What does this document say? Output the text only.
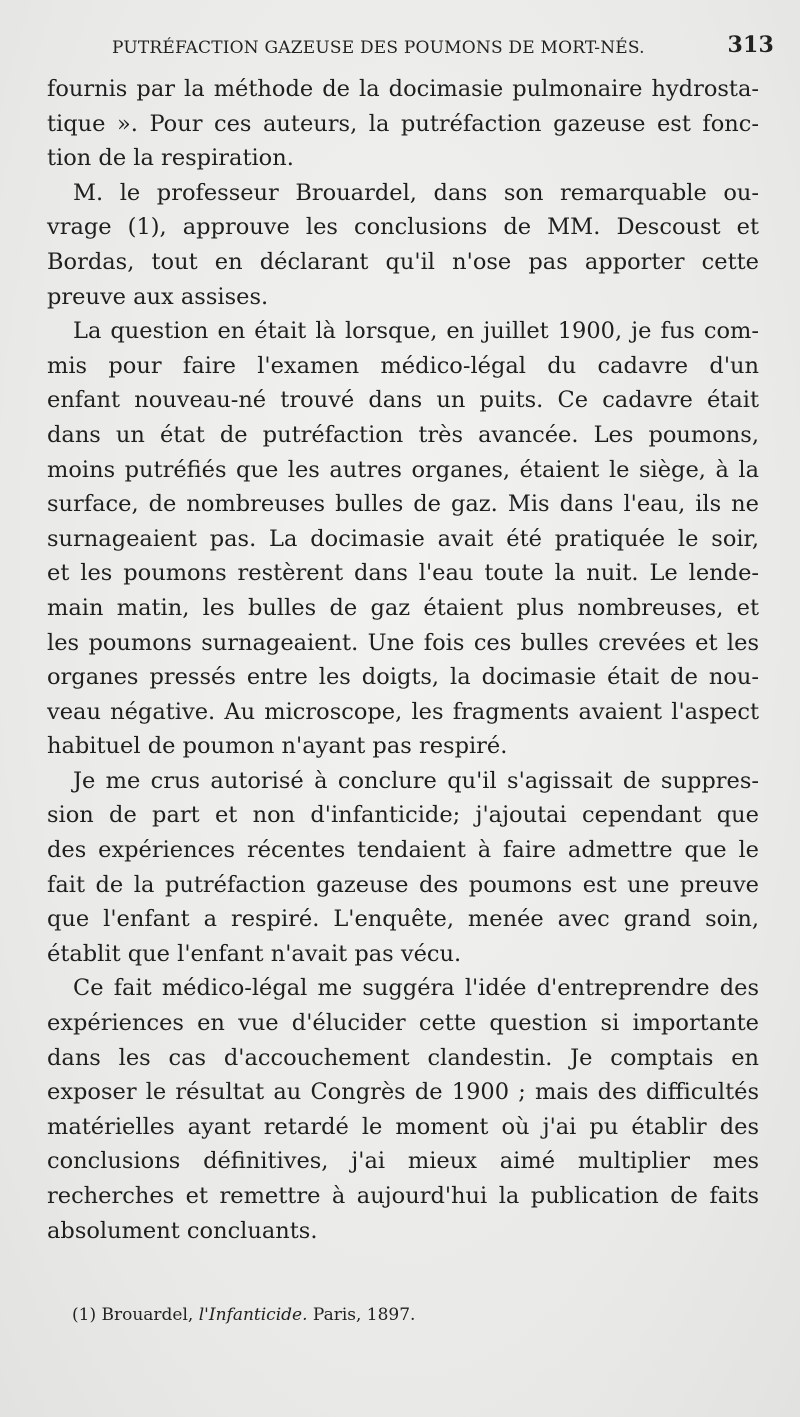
PUTRÉFACTION GAZEUSE DES POUMONS DE MORT-NÉS.	313
fournis par la méthode de la docimasie pulmonaire hydrosta-
tique ». Pour ces auteurs, la putréfaction gazeuse est fonc-
tion de la respiration.
M. le professeur Brouardel, dans son remarquable ou-
vrage (1), approuve les conclusions de MM. Descoust et
Bordas, tout en déclarant qu'il n'ose pas apporter cette
preuve aux assises.
La question en était là lorsque, en juillet 1900, je fus com-
mis pour faire l'examen médico-légal du cadavre d'un
enfant nouveau-né trouvé dans un puits. Ce cadavre était
dans un état de putréfaction très avancée. Les poumons,
moins putréfiés que les autres organes, étaient le siège, à la
surface, de nombreuses bulles de gaz. Mis dans l'eau, ils ne
surnageaient pas. La docimasie avait été pratiquée le soir,
et les poumons restèrent dans l'eau toute la nuit. Le lende-
main matin, les bulles de gaz étaient plus nombreuses, et
les poumons surnageaient. Une fois ces bulles crevées et les
organes pressés entre les doigts, la docimasie était de nou-
veau négative. Au microscope, les fragments avaient l'aspect
habituel de poumon n'ayant pas respiré.
Je me crus autorisé à conclure qu'il s'agissait de suppres-
sion de part et non d'infanticide; j'ajoutai cependant que
des expériences récentes tendaient à faire admettre que le
fait de la putréfaction gazeuse des poumons est une preuve
que l'enfant a respiré. L'enquête, menée avec grand soin,
établit que l'enfant n'avait pas vécu.
Ce fait médico-légal me suggéra l'idée d'entreprendre des
expériences en vue d'élucider cette question si importante
dans les cas d'accouchement clandestin. Je comptais en
exposer le résultat au Congrès de 1900 ; mais des difficultés
matérielles ayant retardé le moment où j'ai pu établir des
conclusions définitives, j'ai mieux aimé multiplier mes
recherches et remettre à aujourd'hui la publication de faits
absolument concluants.
(1) Brouardel, l'Infanticide. Paris, 1897.
